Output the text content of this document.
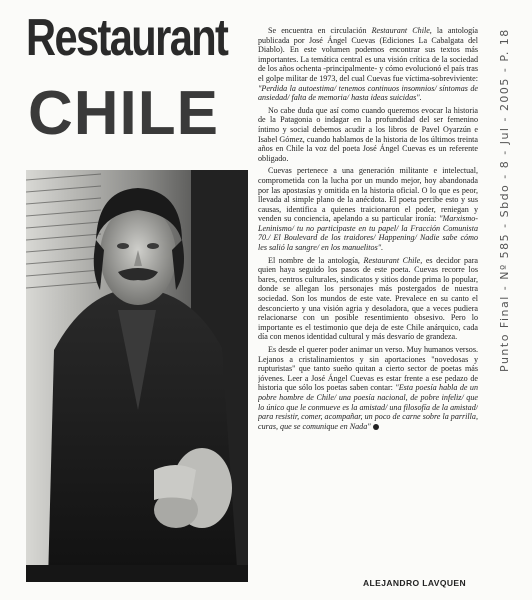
Restaurant
CHILE

Se encuentra en circulación Restaurant Chile, la antología publicada por José Ángel Cuevas (Ediciones La Cabalgata del Diablo). En este volumen podemos encontrar sus textos más importantes. La temática central es una visión crítica de la sociedad de los años ochenta -principalmente- y cómo evolucionó el país tras el golpe militar de 1973, del cual Cuevas fue víctima-sobreviviente: "Perdida la autoestima/ tenemos continuos insomnios/ síntomas de ansiedad/ falta de memoria/ hasta ideas suicidas".

No cabe duda que así como cuando queremos evocar la historia de la Patagonia o indagar en la profundidad del ser femenino íntimo y social debemos acudir a los libros de Pavel Oyarzún e Isabel Gómez, cuando hablamos de la historia de los últimos treinta años en Chile la voz del poeta José Ángel Cuevas es un referente obligado.

Cuevas pertenece a una generación militante e intelectual, comprometida con la lucha por un mundo mejor, hoy abandonada por las apostasías y omitida en la historia oficial. O lo que es peor, llevada al simple plano de la anécdota. El poeta percibe esto y sus causas, identifica a quienes traicionaron el poder, reniegan y venden su conciencia, apelando a su particular ironía: "Marxismo-Leninismo/ tu no participaste en tu papel/ la Fracción Comunista 70./ El Boulevard de los traidores/ Happening/ Nadie sabe cómo les salió la sangre/ en los manuelitos".

El nombre de la antología, Restaurant Chile, es decidor para quien haya seguido los pasos de este poeta. Cuevas recorre los bares, centros culturales, sindicatos y sitios donde prima lo popular, donde se allegan los personajes más postergados de nuestra sociedad. Son los mundos de este vate. Prevalece en su canto el desconcierto y una visión agria y desoladora, que a veces pudiera relacionarse con un posible resentimiento obsesivo. Pero lo importante es el testimonio que deja de este Chile anárquico, cada día con menos identidad cultural y más desvarío de grandeza.

Es desde el querer poder animar un verso. Muy humanos versos. Lejanos a cristalinamientos y sin aportaciones "novedosas y rupturistas" que tanto sueño quitan a cierto sector de poetas más jóvenes. Leer a José Ángel Cuevas es estar frente a ese pedazo de historia que sólo los poetas saben contar: "Esta poesía habla de un pobre hombre de Chile/ una poesía nacional, de pobre infeliz/ que lo único que le conmueve es la amistad/ una filosofía de la amistad/ para resistir, comer, acompañar, un poco de carne sobre la parrilla, curas, que se comunique en Nada"

ALEJANDRO LAVQUEN
Punto Final - Nº 585 - Sbdo - 8 - Jul - 2005 - P. 18
